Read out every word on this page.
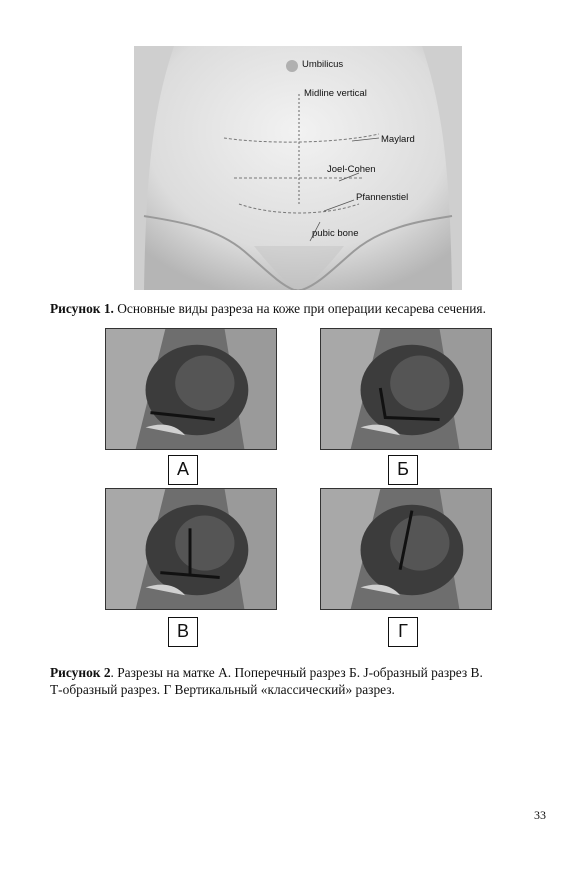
Umbilicus
Midline vertical
Maylard
Joel-Cohen
Pfannenstiel
pubic bone
Рисунок 1. Основные виды разреза на коже при операции кесарева сечения.
А	Б
В	Г
Рисунок 2. Разрезы на матке А. Поперечный разрез Б. J-образный разрез В.
Т-образный разрез. Г Вертикальный «классический» разрез.
33
